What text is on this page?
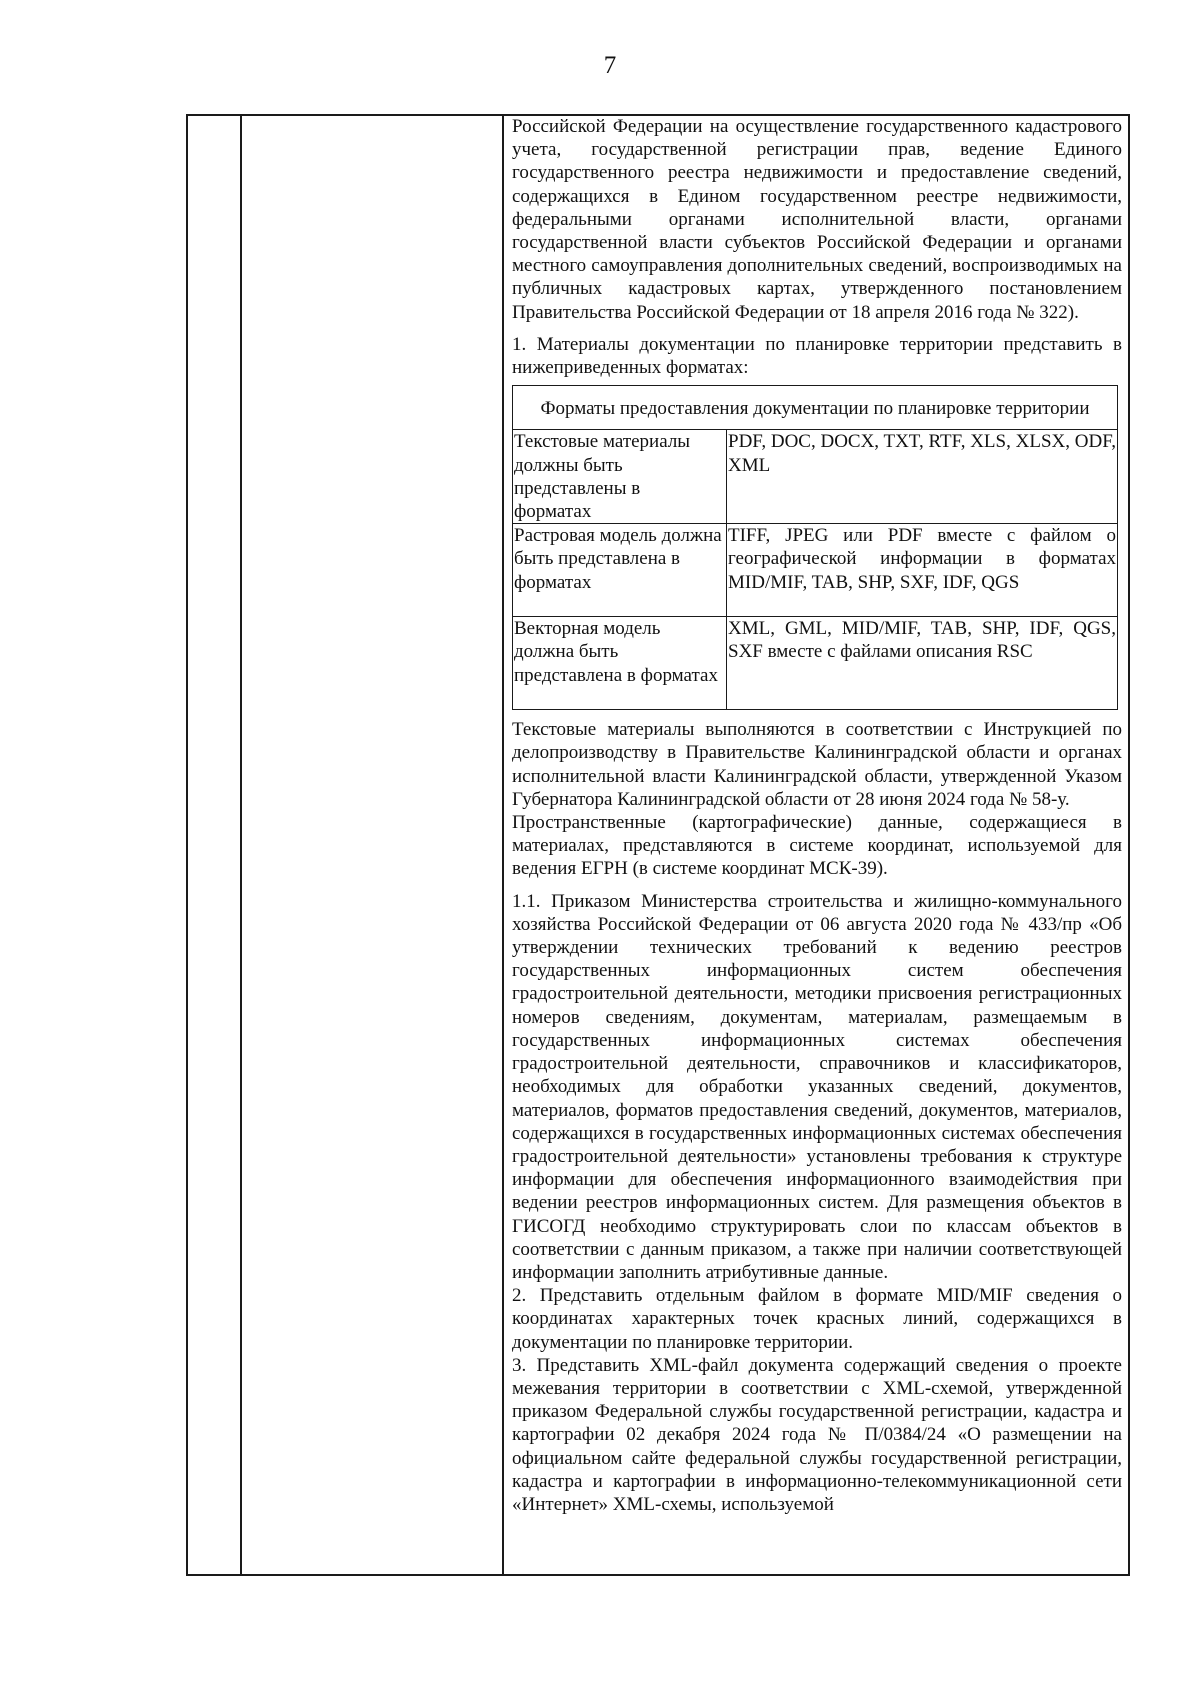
7

Российской Федерации на осуществление государственного кадастрового учета, государственной регистрации прав, ведение Единого государственного реестра недвижимости и предоставление сведений, содержащихся в Едином государственном реестре недвижимости, федеральными органами исполнительной власти, органами государственной власти субъектов Российской Федерации и органами местного самоуправления дополнительных сведений, воспроизводимых на публичных кадастровых картах, утвержденного постановлением Правительства Российской Федерации от 18 апреля 2016 года № 322).

1. Материалы документации по планировке территории представить в нижеприведенных форматах:

Форматы предоставления документации по планировке территории	
Текстовые материалы должны быть представлены в форматах	PDF, DOC, DOCX, TXT, RTF, XLS, XLSX, ODF, XML
Растровая модель должна быть представлена в форматах	TIFF, JPEG или PDF вместе с файлом о географической информации в форматах MID/MIF, TAB, SHP, SXF, IDF, QGS
Векторная модель должна быть представлена в форматах	XML, GML, MID/MIF, TAB, SHP, IDF, QGS, SXF вместе с файлами описания RSC

Текстовые материалы выполняются в соответствии с Инструкцией по делопроизводству в Правительстве Калининградской области и органах исполнительной власти Калининградской области, утвержденной Указом Губернатора Калининградской области от 28 июня 2024 года № 58-у.

Пространственные (картографические) данные, содержащиеся в материалах, представляются в системе координат, используемой для ведения ЕГРН (в системе координат МСК-39).

1.1. Приказом Министерства строительства и жилищно-коммунального хозяйства Российской Федерации от 06 августа 2020 года № 433/пр «Об утверждении технических требований к ведению реестров государственных информационных систем обеспечения градостроительной деятельности, методики присвоения регистрационных номеров сведениям, документам, материалам, размещаемым в государственных информационных системах обеспечения градостроительной деятельности, справочников и классификаторов, необходимых для обработки указанных сведений, документов, материалов, форматов предоставления сведений, документов, материалов, содержащихся в государственных информационных системах обеспечения градостроительной деятельности» установлены требования к структуре информации для обеспечения информационного взаимодействия при ведении реестров информационных систем. Для размещения объектов в ГИСОГД необходимо структурировать слои по классам объектов в соответствии с данным приказом, а также при наличии соответствующей информации заполнить атрибутивные данные.

2. Представить отдельным файлом в формате MID/MIF сведения о координатах характерных точек красных линий, содержащихся в документации по планировке территории.

3. Представить XML-файл документа содержащий сведения о проекте межевания территории в соответствии с XML-схемой, утвержденной приказом Федеральной службы государственной регистрации, кадастра и картографии 02 декабря 2024 года № П/0384/24 «О размещении на официальном сайте федеральной службы государственной регистрации, кадастра и картографии в информационно-телекоммуникационной сети «Интернет» XML-схемы, используемой
